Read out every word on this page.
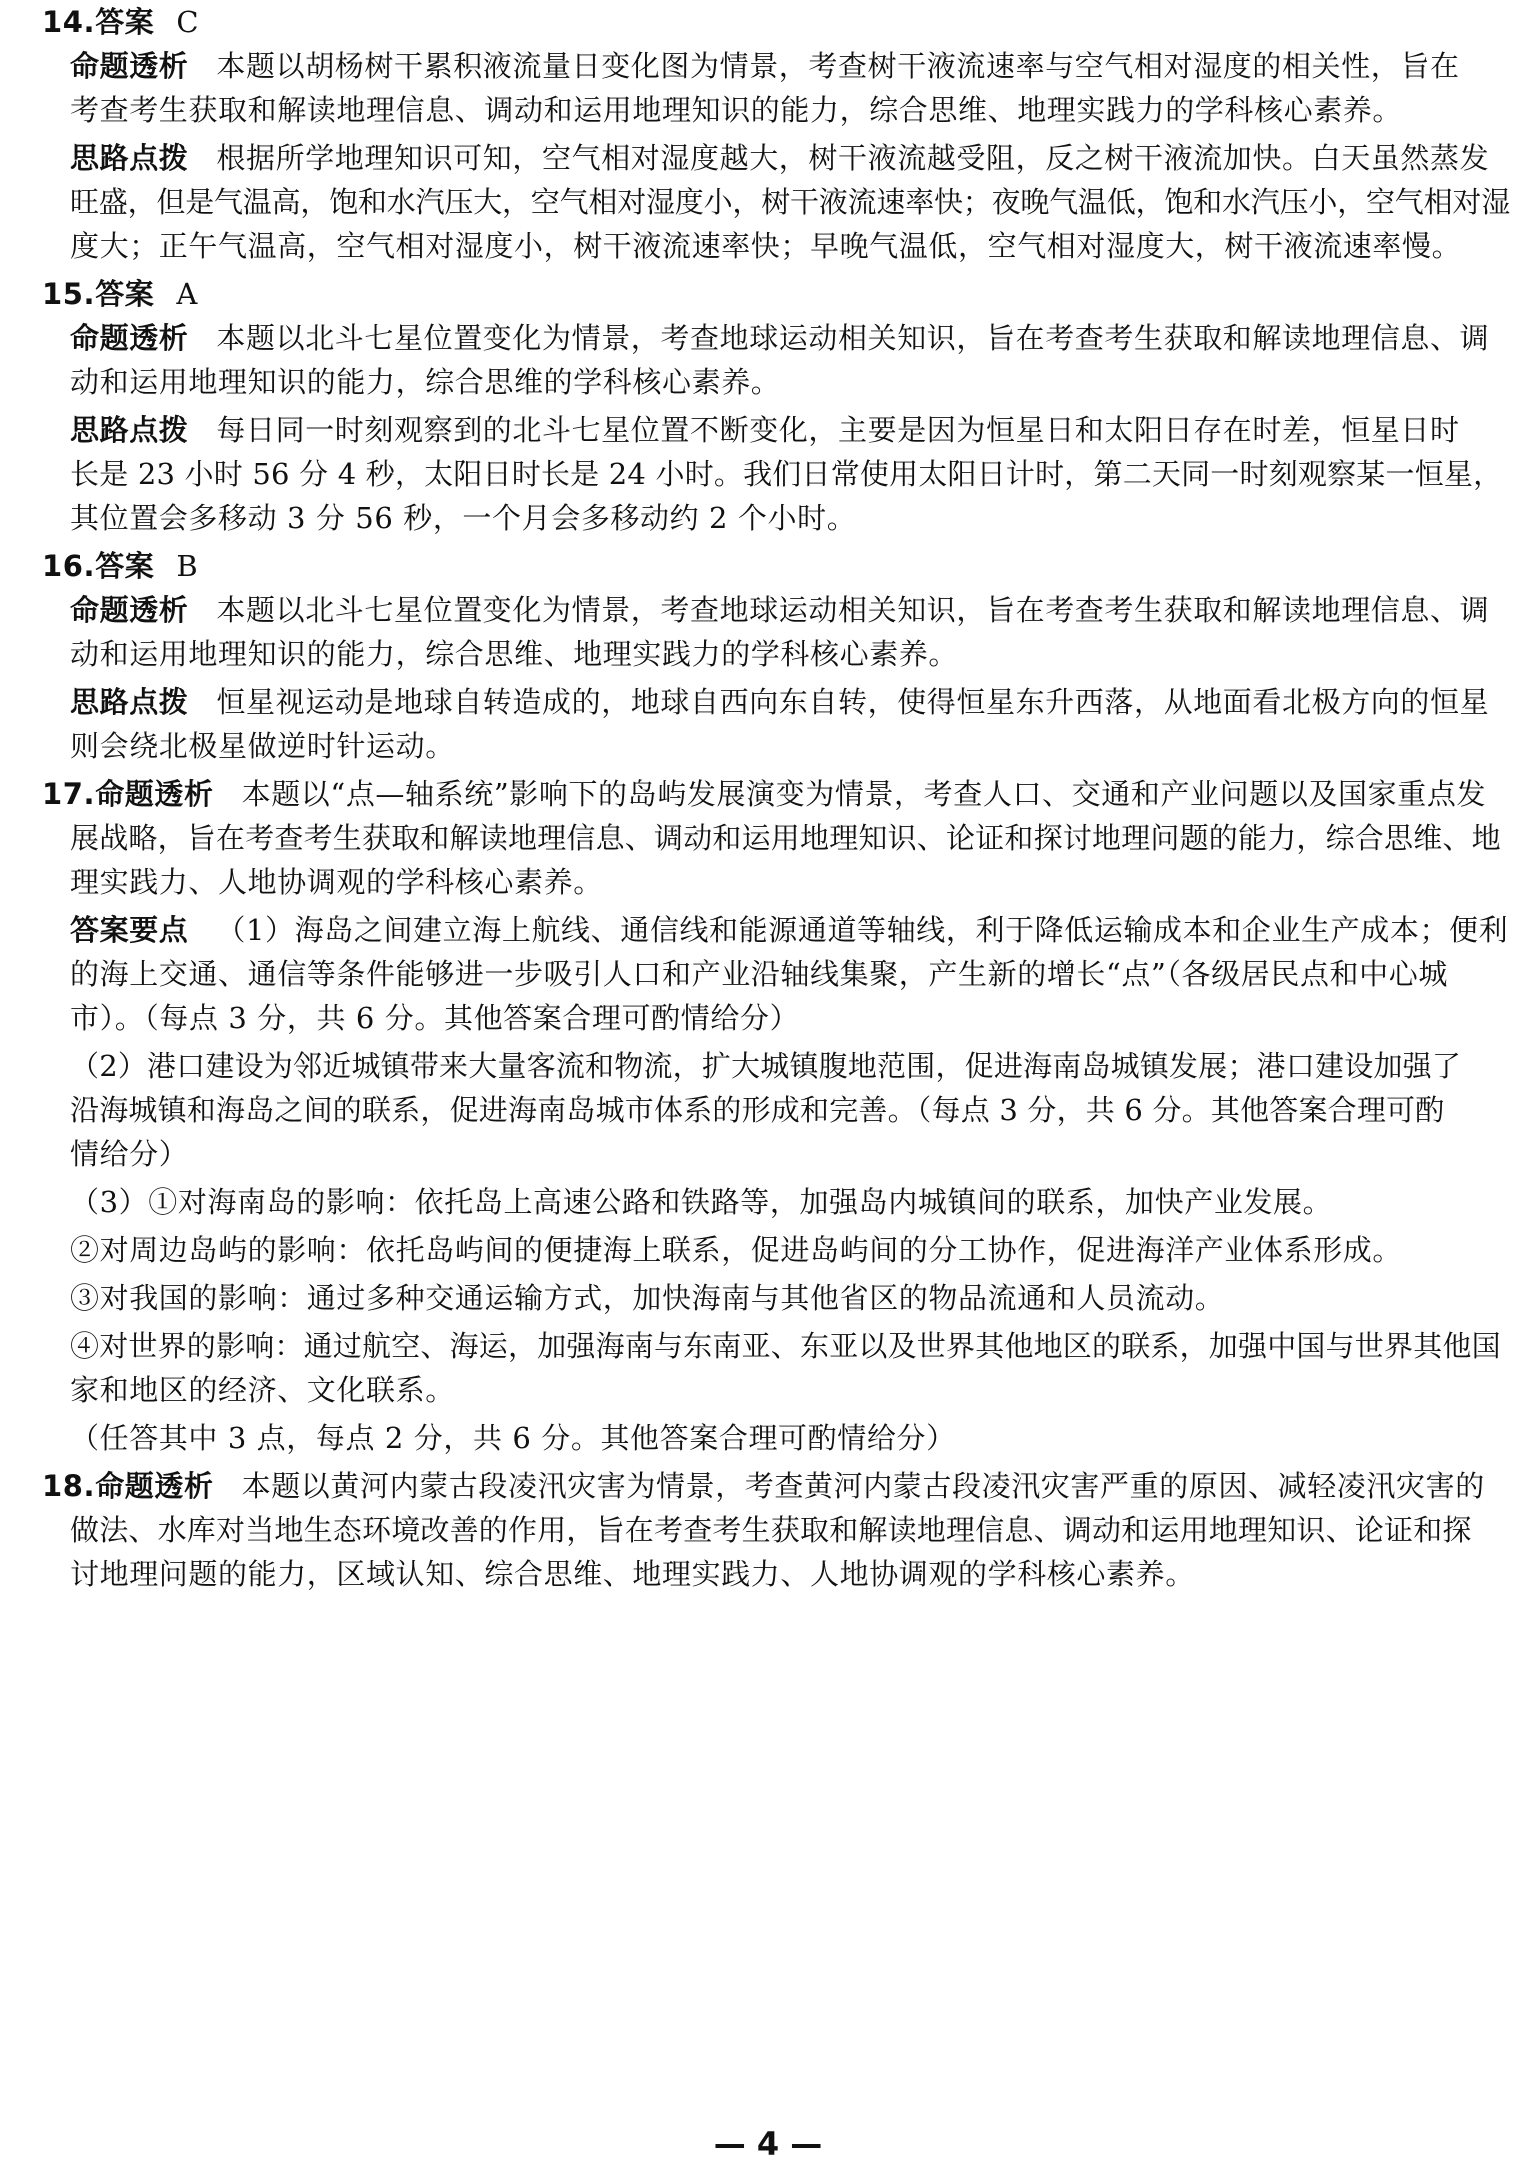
14.答案 C
命题透析 本题以胡杨树干累积液流量日变化图为情景，考查树干液流速率与空气相对湿度的相关性，旨在
考查考生获取和解读地理信息、调动和运用地理知识的能力，综合思维、地理实践力的学科核心素养。
思路点拨 根据所学地理知识可知，空气相对湿度越大，树干液流越受阻，反之树干液流加快。白天虽然蒸发
旺盛，但是气温高，饱和水汽压大，空气相对湿度小，树干液流速率快；夜晚气温低，饱和水汽压小，空气相对湿
度大；正午气温高，空气相对湿度小，树干液流速率快；早晚气温低，空气相对湿度大，树干液流速率慢。
15.答案 A
命题透析 本题以北斗七星位置变化为情景，考查地球运动相关知识，旨在考查考生获取和解读地理信息、调
动和运用地理知识的能力，综合思维的学科核心素养。
思路点拨 每日同一时刻观察到的北斗七星位置不断变化，主要是因为恒星日和太阳日存在时差，恒星日时
长是 23 小时 56 分 4 秒，太阳日时长是 24 小时。我们日常使用太阳日计时，第二天同一时刻观察某一恒星，
其位置会多移动 3 分 56 秒，一个月会多移动约 2 个小时。
16.答案 B
命题透析 本题以北斗七星位置变化为情景，考查地球运动相关知识，旨在考查考生获取和解读地理信息、调
动和运用地理知识的能力，综合思维、地理实践力的学科核心素养。
思路点拨 恒星视运动是地球自转造成的，地球自西向东自转，使得恒星东升西落，从地面看北极方向的恒星
则会绕北极星做逆时针运动。
17.命题透析 本题以“点—轴系统”影响下的岛屿发展演变为情景，考查人口、交通和产业问题以及国家重点发
展战略，旨在考查考生获取和解读地理信息、调动和运用地理知识、论证和探讨地理问题的能力，综合思维、地
理实践力、人地协调观的学科核心素养。
答案要点 （1）海岛之间建立海上航线、通信线和能源通道等轴线，利于降低运输成本和企业生产成本；便利
的海上交通、通信等条件能够进一步吸引人口和产业沿轴线集聚，产生新的增长“点”（各级居民点和中心城
市）。（每点 3 分，共 6 分。其他答案合理可酌情给分）
（2）港口建设为邻近城镇带来大量客流和物流，扩大城镇腹地范围，促进海南岛城镇发展；港口建设加强了
沿海城镇和海岛之间的联系，促进海南岛城市体系的形成和完善。（每点 3 分，共 6 分。其他答案合理可酌
情给分）
（3）①对海南岛的影响：依托岛上高速公路和铁路等，加强岛内城镇间的联系，加快产业发展。
②对周边岛屿的影响：依托岛屿间的便捷海上联系，促进岛屿间的分工协作，促进海洋产业体系形成。
③对我国的影响：通过多种交通运输方式，加快海南与其他省区的物品流通和人员流动。
④对世界的影响：通过航空、海运，加强海南与东南亚、东亚以及世界其他地区的联系，加强中国与世界其他国
家和地区的经济、文化联系。
（任答其中 3 点，每点 2 分，共 6 分。其他答案合理可酌情给分）
18.命题透析 本题以黄河内蒙古段凌汛灾害为情景，考查黄河内蒙古段凌汛灾害严重的原因、减轻凌汛灾害的
做法、水库对当地生态环境改善的作用，旨在考查考生获取和解读地理信息、调动和运用地理知识、论证和探
讨地理问题的能力，区域认知、综合思维、地理实践力、人地协调观的学科核心素养。
— 4 —
